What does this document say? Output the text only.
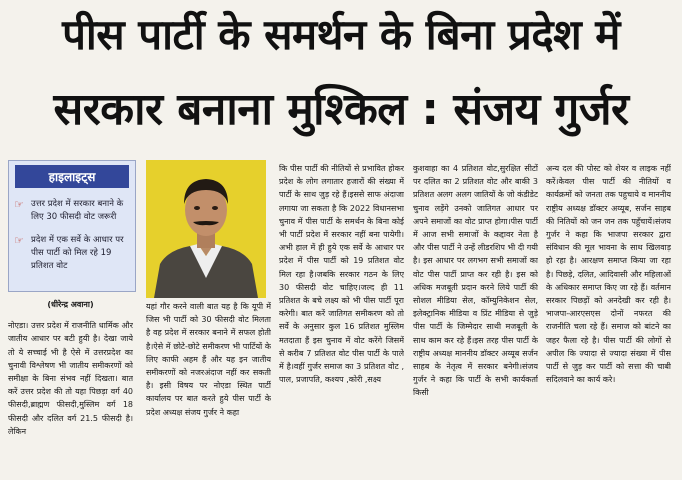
पीस पार्टी के समर्थन के बिना प्रदेश में
सरकार बनाना मुश्किल : संजय गुर्जर
हाइलाइट्स
☞ उत्तर प्रदेश में सरकार बनाने के लिए 30 फीसदी वोट जरूरी
☞ प्रदेश में एक सर्वे के आधार पर पीस पार्टी को मिल रहे 19 प्रतिशत वोट

(धीरेन्द्र अवाना)

नोएडा। उत्तर प्रदेश में राजनीति धार्मिक और जातीय आधार पर बटी हुयी है। देखा जाये तो ये सच्चाई भी है ऐसे में उत्तरप्रदेश का चुनावी विश्लेषण भी जातीय समीकरणों को समीक्षा के बिना संभव नहीं दिखता। बात करें उत्तर प्रदेश की तो यहा पिछड़ा वर्ग 40 फीसदी,ब्राह्मण फीसदी,मुस्लिम वर्ग 18 फीसदी और दलित वर्ग 21.5 फीसदी है।लेकिन

यहां गौर करने वाली बात यह है कि यूपी में जिस भी पार्टी को 30 फीसदी वोट मिलता है वह प्रदेश में सरकार बनाने में सफल होती है।ऐसे में छोटे-छोटे समीकरण भी पार्टियों के लिए काफी अहम हैं और यह इन जातीय समीकरणों को नजरअंदाज नहीं कर सकती है। इसी विषय पर नोएडा स्थित पार्टी कार्यालय पर बात करते हुये पीस पार्टी के प्रदेश अध्यक्ष संजय गुर्जर ने कहा

कि पीस पार्टी की नीतियों से प्रभावित होकर प्रदेश के लोग लगातार हजारों की संख्या में पार्टी के साथ जुड़ रहे हैं।इससे साफ अंदाजा लगाया जा सकता है कि 2022 विधानसभा चुनाव में पीस पार्टी के समर्थन के बिना कोई भी पार्टी प्रदेश में सरकार नहीं बना पायेगी।अभी हाल में ही हुये एक सर्वे के आधार पर प्रदेश में पीस पार्टी को 19 प्रतिशत वोट मिल रहा है।जबकि सरकार गठन के लिए 30 फीसदी वोट चाहिए।जल्द ही 11 प्रतिशत के बचे लक्ष्य को भी पीस पार्टी पूरा करेगी। बात करें जातिगत समीकरण को तो सर्वे के अनुसार कुल 16 प्रतिशत मुस्लिम मतदाता हैं इस चुनाव में वोट करेंगे जिसमें से करीब 7 प्रतिशत वोट पीस पार्टी के पाले में है।वहीं गुर्जर समाज का 3 प्रतिशत वोट , पाल, प्रजापति, कश्यप ,कोरी ,सक्ष्य

कुशवाहा का 4 प्रतिशत वोट,सुरक्षित सीटों पर दलित का 2 प्रतिशत वोट और बाकी 3 प्रतिशत अलग अलग जातियों के जो कंडीडेट चुनाव लड़ेंगे उनको जातिगत आधार पर अपने समाजों का वोट प्राप्त होगा।पीस पार्टी में आज सभी समाजों के कद्दावर नेता है और पीस पार्टी ने उन्हें लीडरशिप भी दी गयी है। इस आधार पर लगभग सभी समाजों का वोट पीस पार्टी प्राप्त कर रही है। इस को अधिक मजबूती प्रदान करने लिये पार्टी की सोशल मीडिया सेल, कॉम्युनिकेशन सेल, इलेक्ट्रानिक मीडिया व प्रिंट मीडिया से जुड़े पीस पार्टी के जिम्मेदार साथी मजबूती के साथ काम कर रहे हैं।इस तरह पीस पार्टी के राष्ट्रीय अध्यक्ष माननीय डॉक्टर अय्यूब सर्जन साहब के नेतृत्व में सरकार बनेगी।संजय गुर्जर ने कहा कि पार्टी के सभी कार्यकर्ता किसी

अन्य दल की पोस्ट को शेयर व लाइक नहीं करें।केवल पीस पार्टी की नीतियों व कार्यक्रमों को जनता तक पहुचाये व माननीय राष्ट्रीय अध्यक्ष डॉक्टर अय्यूब, सर्जन साहब की नितियों को जन जन तक पहुँचायें।संजय गुर्जर ने कहा कि भाजपा सरकार द्वारा संविधान की मूल भावना के साथ खिलवाड़ हो रहा है। आरक्षण समाप्त किया जा रहा है। पिछड़े, दलित, आदिवासी और महिलाओं के अधिकार समाप्त किए जा रहे हैं। वर्तमान सरकार पिछड़ों को अनदेखी कर रही है। भाजपा-आरएसएस दोनों नफरत की राजनीति चला रहे हैं। समाज को बांटने का जहर फैला रहे है। पीस पार्टी की लोगों से अपील कि ज्यादा से ज्यादा संख्या में पीस पार्टी से जुड़ कर पार्टी को सत्ता की चाबी सदिलवाने का कार्य करे।
